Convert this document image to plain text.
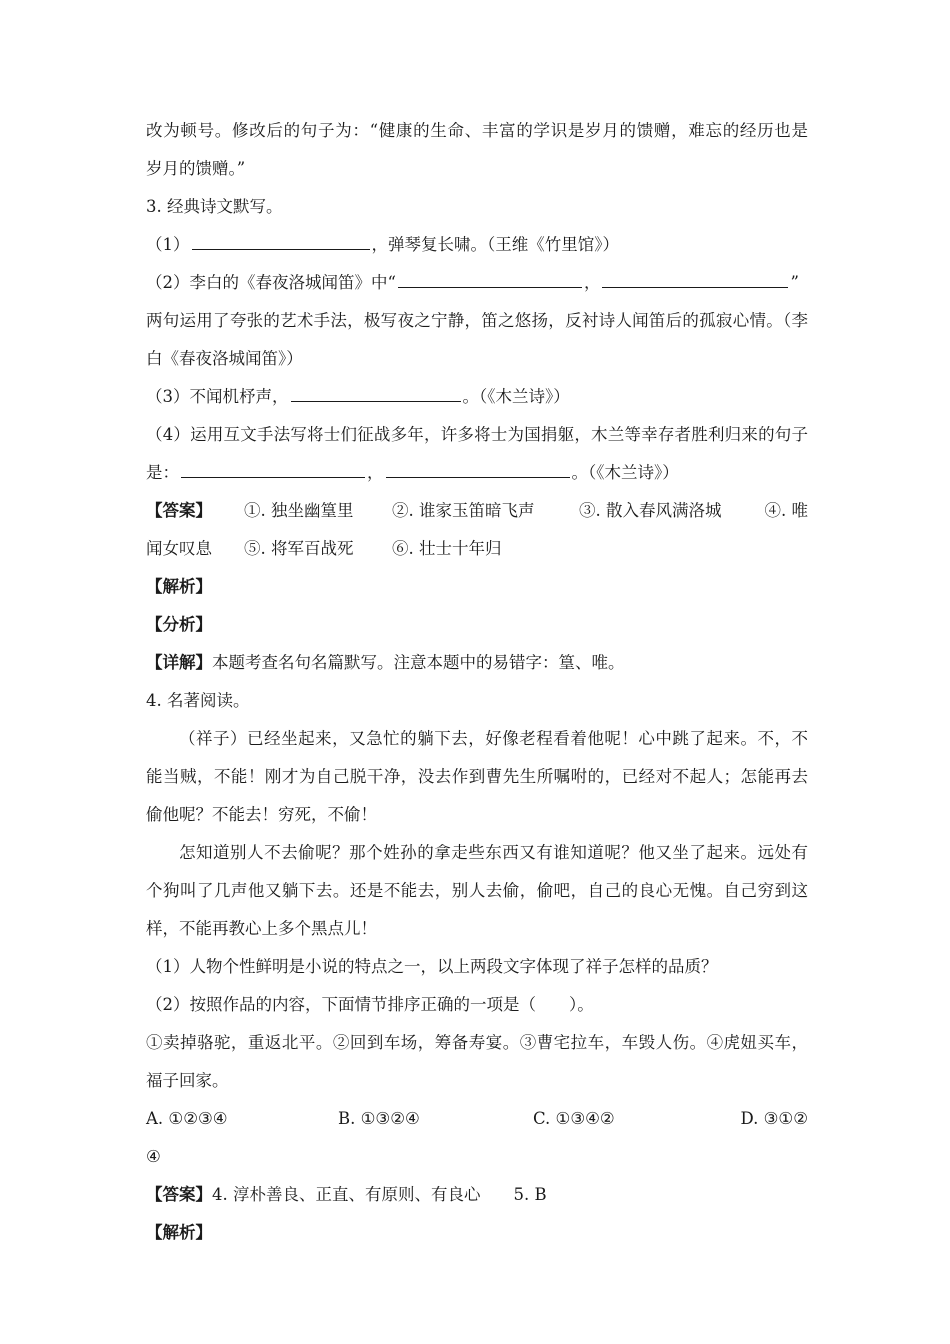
改为顿号。修改后的句子为：“健康的生命、丰富的学识是岁月的馈赠，难忘的经历也是
岁月的馈赠。”
3. 经典诗文默写。
（1）	，弹琴复长啸。（王维《竹里馆》）
（2）李白的《春夜洛城闻笛》中“	，	”
两句运用了夸张的艺术手法，极写夜之宁静，笛之悠扬，反衬诗人闻笛后的孤寂心情。（李
白《春夜洛城闻笛》）
（3）不闻机杼声，	。（《木兰诗》）
（4）运用互文手法写将士们征战多年，许多将士为国捐躯，木兰等幸存者胜利归来的句子
是：	，	。（《木兰诗》）
【答案】 ①. 独坐幽篁里 ②. 谁家玉笛暗飞声	③. 散入春风满洛城	④. 唯
闻女叹息 ⑤. 将军百战死 ⑥. 壮士十年归
【解析】
【分析】
【详解】本题考查名句名篇默写。注意本题中的易错字：篁、唯。
4. 名著阅读。
（祥子）已经坐起来，又急忙的躺下去，好像老程看着他呢！心中跳了起来。不，不
能当贼，不能！刚才为自己脱干净，没去作到曹先生所嘱咐的，已经对不起人；怎能再去
偷他呢？不能去！穷死，不偷！
怎知道别人不去偷呢？那个姓孙的拿走些东西又有谁知道呢？他又坐了起来。远处有
个狗叫了几声他又躺下去。还是不能去，别人去偷，偷吧，自己的良心无愧。自己穷到这
样，不能再教心上多个黑点儿！
（1）人物个性鲜明是小说的特点之一，以上两段文字体现了祥子怎样的品质？
（2）按照作品的内容，下面情节排序正确的一项是（　　）。
①卖掉骆驼，重返北平。②回到车场，筹备寿宴。③曹宅拉车，车毁人伤。④虎妞买车，
福子回家。
A. ①②③④	B. ①③②④	C. ①③④②	D. ③①②
④
【答案】4. 淳朴善良、正直、有原则、有良心　　5. B
【解析】
